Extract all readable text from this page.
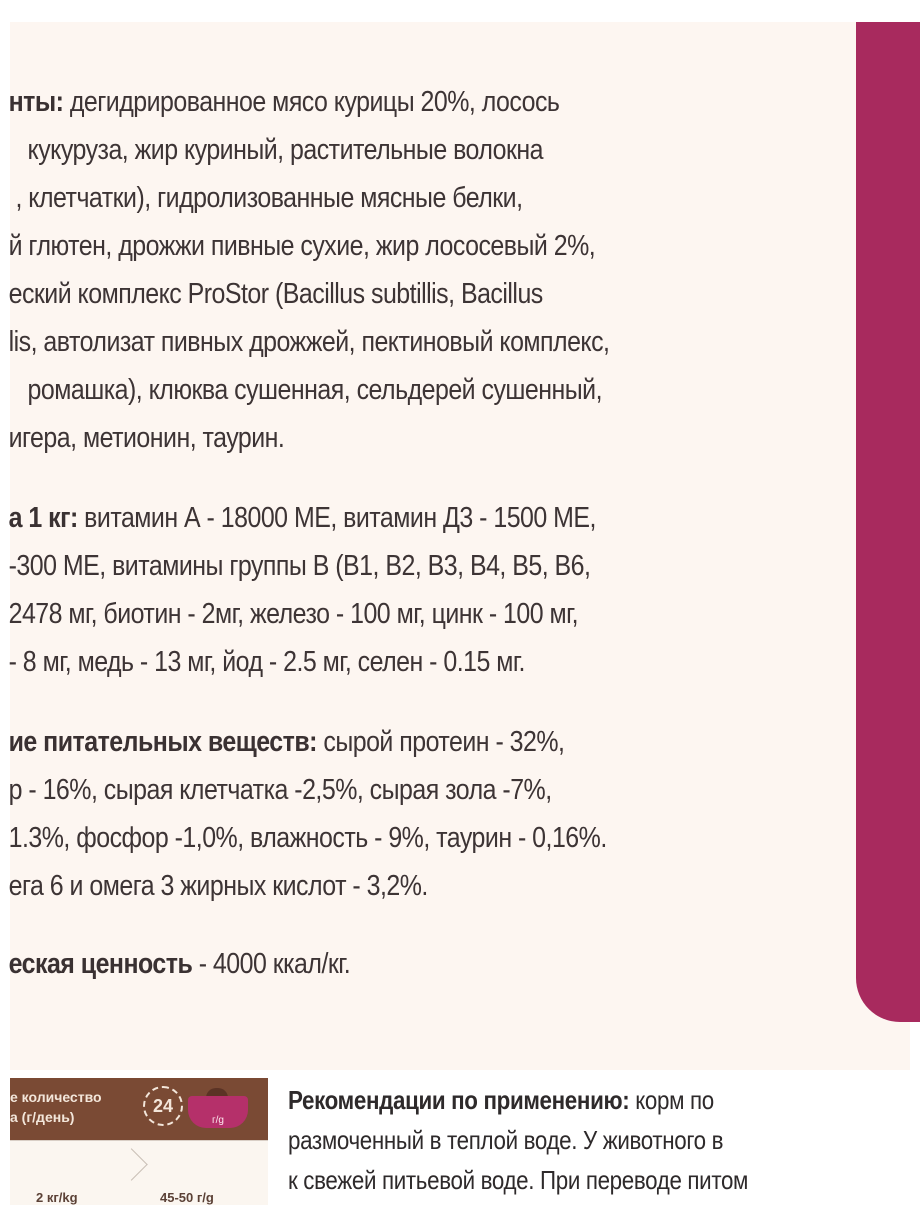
нты: дегидрированное мясо курицы 20%, лосось
кукуруза, жир куриный, растительные волокна
, клетчатки), гидролизованные мясные белки,
й глютен, дрожжи пивные сухие, жир лососевый 2%,
еский комплекс ProStor (Bacillus subtillis, Bacillus
lis, автолизат пивных дрожжей, пектиновый комплекс,
ромашка), клюква сушенная, сельдерей сушенный,
игера, метионин, таурин.
а 1 кг: витамин А - 18000 МЕ, витамин Д3 - 1500 МЕ,
-300 МЕ, витамины группы В (В1, В2, В3, В4, В5, В6,
2478 мг, биотин - 2мг, железо - 100 мг, цинк - 100 мг,
- 8 мг, медь - 13 мг, йод - 2.5 мг, селен - 0.15 мг.
ие питательных веществ: сырой протеин - 32%,
р - 16%, сырая клетчатка -2,5%, сырая зола -7%,
1.3%, фосфор -1,0%, влажность - 9%, таурин - 0,16%.
ега 6 и омега 3 жирных кислот - 3,2%.
еская ценность - 4000 ккал/кг.
е количество
а (г/день)
24
г/g
2 кг/kg	45-50 г/g
Рекомендации по применению: корм по
размоченный в теплой воде. У животного в
к свежей питьевой воде. При переводе питом
